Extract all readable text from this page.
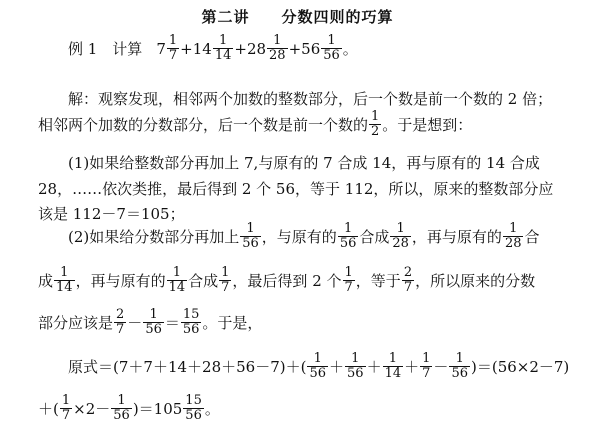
第二讲　　分数四则的巧算
例 1　计算 $7 \frac{1}{7} + 14 \frac{1}{14} + 28 \frac{1}{28} + 56 \frac{1}{56}$ 。
解：观察发现，相邻两个加数的整数部分，后一个数是前一个数的 2 倍；
相邻两个加数的分数部分，后一个数是前一个数的 $\frac{1}{2}$ 。于是想到：
(1)如果给整数部分再加上 7,与原有的 7 合成 14，再与原有的 14 合成
28，……依次类推，最后得到 2 个 56，等于 112，所以，原来的整数部分应
该是 112－7＝105；
(2)如果给分数部分再加上 $\frac{1}{56}$ ，与原有的 $\frac{1}{56}$ 合成 $\frac{1}{28}$ ，再与原有的 $\frac{1}{28}$ 合
成 $\frac{1}{14}$ ，再与原有的 $\frac{1}{14}$ 合成 $\frac{1}{7}$ ，最后得到 2 个 $\frac{1}{7}$ ，等于 $\frac{2}{7}$ ，所以原来的分数
部分应该是 $\frac{2}{7} - \frac{1}{56} = \frac{15}{56}$ 。于是，
原式$=(7+7+14+28+56-7)+( \frac{1}{56} + \frac{1}{56} + \frac{1}{14} + \frac{1}{7} - \frac{1}{56} )=(56\times 2-7)$
＋( $\frac{1}{7} \times 2- \frac{1}{56} )=105 \frac{15}{56}$ 。
